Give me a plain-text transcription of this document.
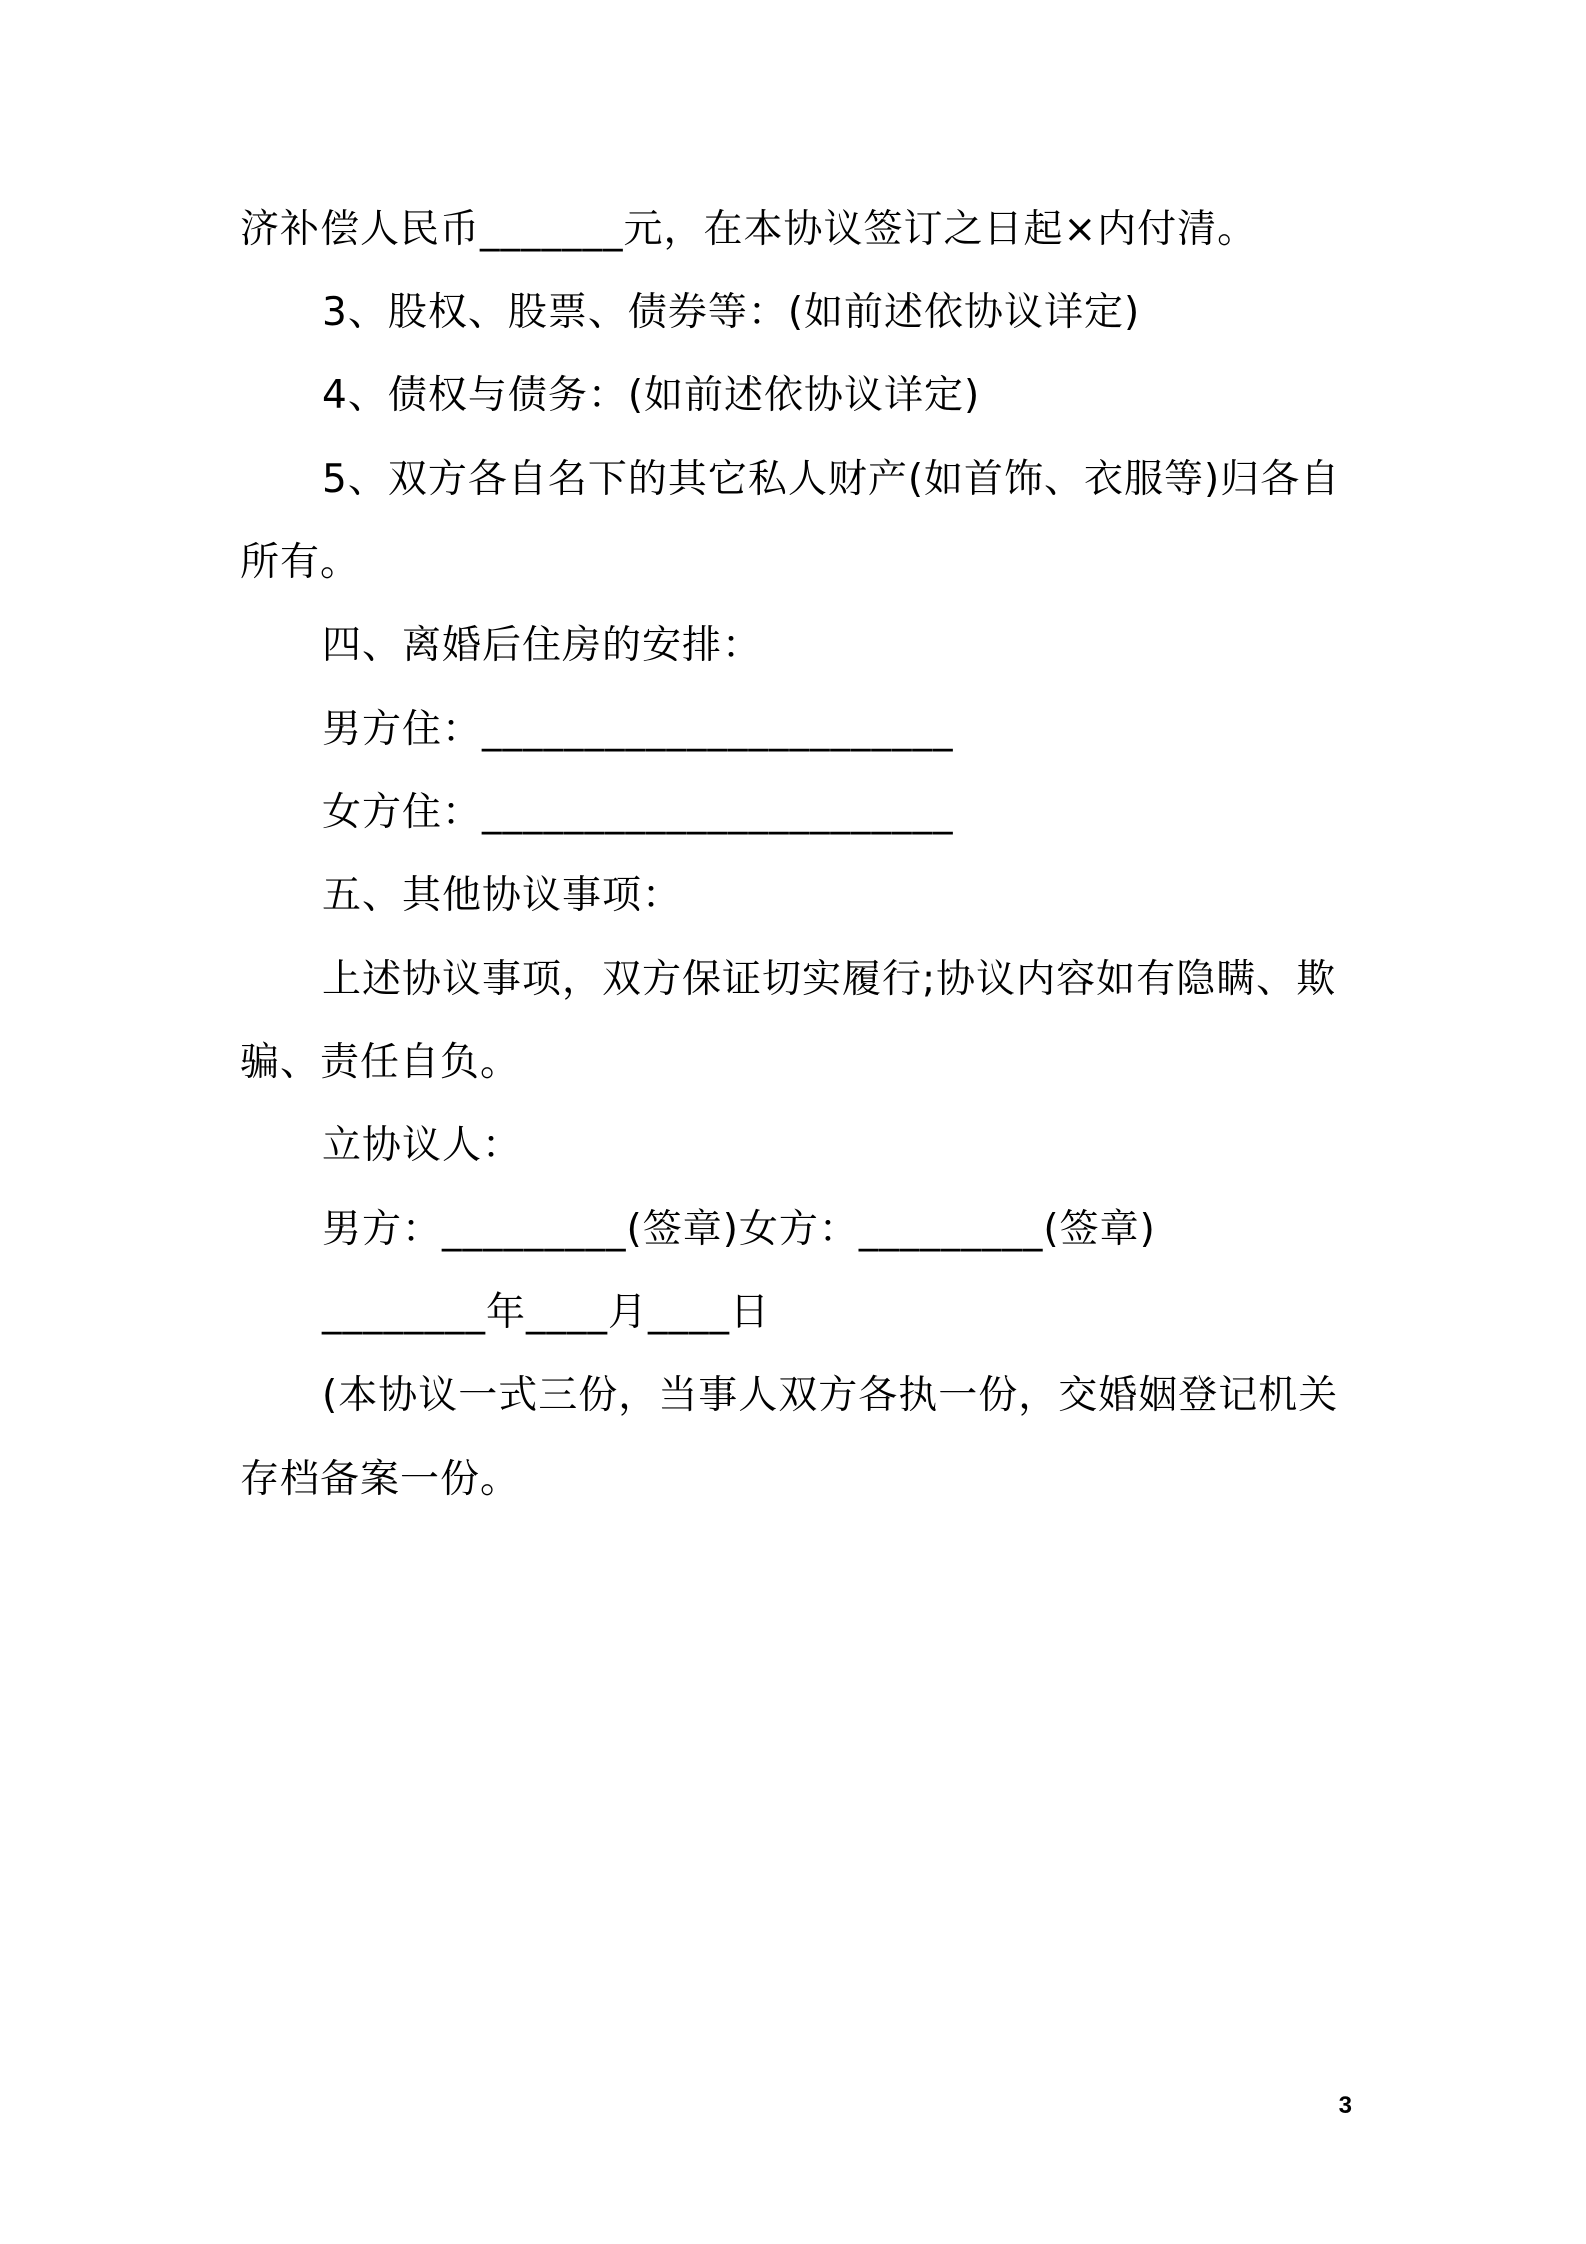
济补偿人民币_______元，在本协议签订之日起×内付清。
3、股权、股票、债券等：(如前述依协议详定)
4、债权与债务：(如前述依协议详定)
5、双方各自名下的其它私人财产(如首饰、衣服等)归各自
所有。
四、离婚后住房的安排：
男方住：_______________________
女方住：_______________________
五、其他协议事项：
上述协议事项，双方保证切实履行;协议内容如有隐瞒、欺
骗、责任自负。
立协议人：
男方：_________(签章)女方：_________(签章)
________年____月____日
(本协议一式三份，当事人双方各执一份，交婚姻登记机关
存档备案一份。
3
